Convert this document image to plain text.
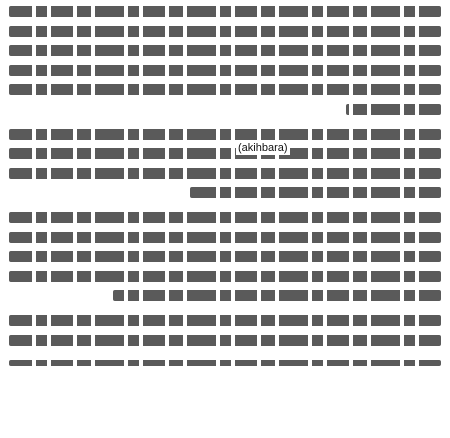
(akihbara)
